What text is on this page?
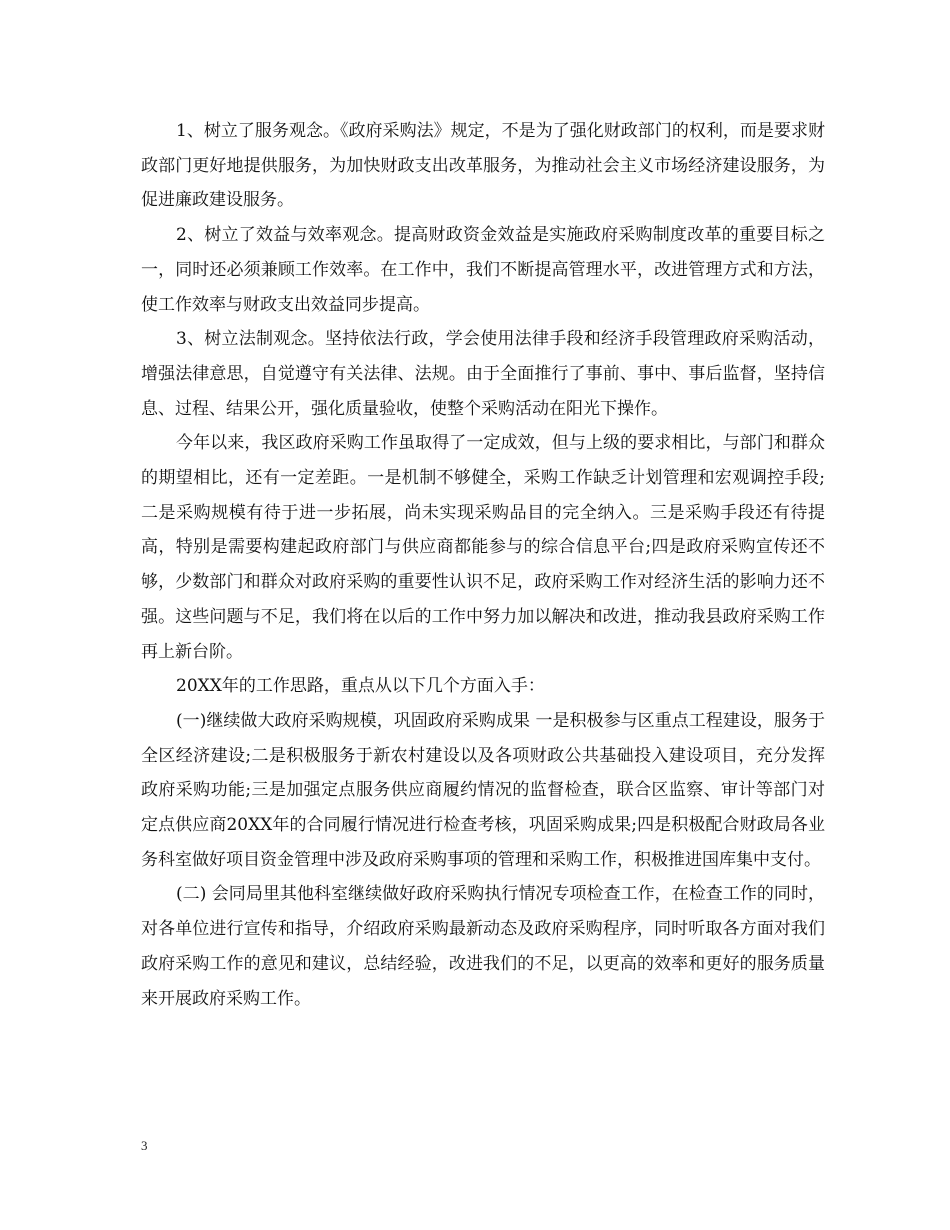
1、树立了服务观念。《政府采购法》规定，不是为了强化财政部门的权利，而是要求财政部门更好地提供服务，为加快财政支出改革服务，为推动社会主义市场经济建设服务，为促进廉政建设服务。

2、树立了效益与效率观念。提高财政资金效益是实施政府采购制度改革的重要目标之一，同时还必须兼顾工作效率。在工作中，我们不断提高管理水平，改进管理方式和方法，使工作效率与财政支出效益同步提高。

3、树立法制观念。坚持依法行政，学会使用法律手段和经济手段管理政府采购活动，增强法律意思，自觉遵守有关法律、法规。由于全面推行了事前、事中、事后监督，坚持信息、过程、结果公开，强化质量验收，使整个采购活动在阳光下操作。

今年以来，我区政府采购工作虽取得了一定成效，但与上级的要求相比，与部门和群众的期望相比，还有一定差距。一是机制不够健全，采购工作缺乏计划管理和宏观调控手段;二是采购规模有待于进一步拓展，尚未实现采购品目的完全纳入。三是采购手段还有待提高，特别是需要构建起政府部门与供应商都能参与的综合信息平台;四是政府采购宣传还不够，少数部门和群众对政府采购的重要性认识不足，政府采购工作对经济生活的影响力还不强。这些问题与不足，我们将在以后的工作中努力加以解决和改进，推动我县政府采购工作再上新台阶。

20XX年的工作思路，重点从以下几个方面入手：

(一)继续做大政府采购规模，巩固政府采购成果 一是积极参与区重点工程建设，服务于全区经济建设;二是积极服务于新农村建设以及各项财政公共基础投入建设项目，充分发挥政府采购功能;三是加强定点服务供应商履约情况的监督检查，联合区监察、审计等部门对定点供应商20XX年的合同履行情况进行检查考核，巩固采购成果;四是积极配合财政局各业务科室做好项目资金管理中涉及政府采购事项的管理和采购工作，积极推进国库集中支付。

(二) 会同局里其他科室继续做好政府采购执行情况专项检查工作，在检查工作的同时，对各单位进行宣传和指导，介绍政府采购最新动态及政府采购程序，同时听取各方面对我们政府采购工作的意见和建议，总结经验，改进我们的不足，以更高的效率和更好的服务质量来开展政府采购工作。

3
